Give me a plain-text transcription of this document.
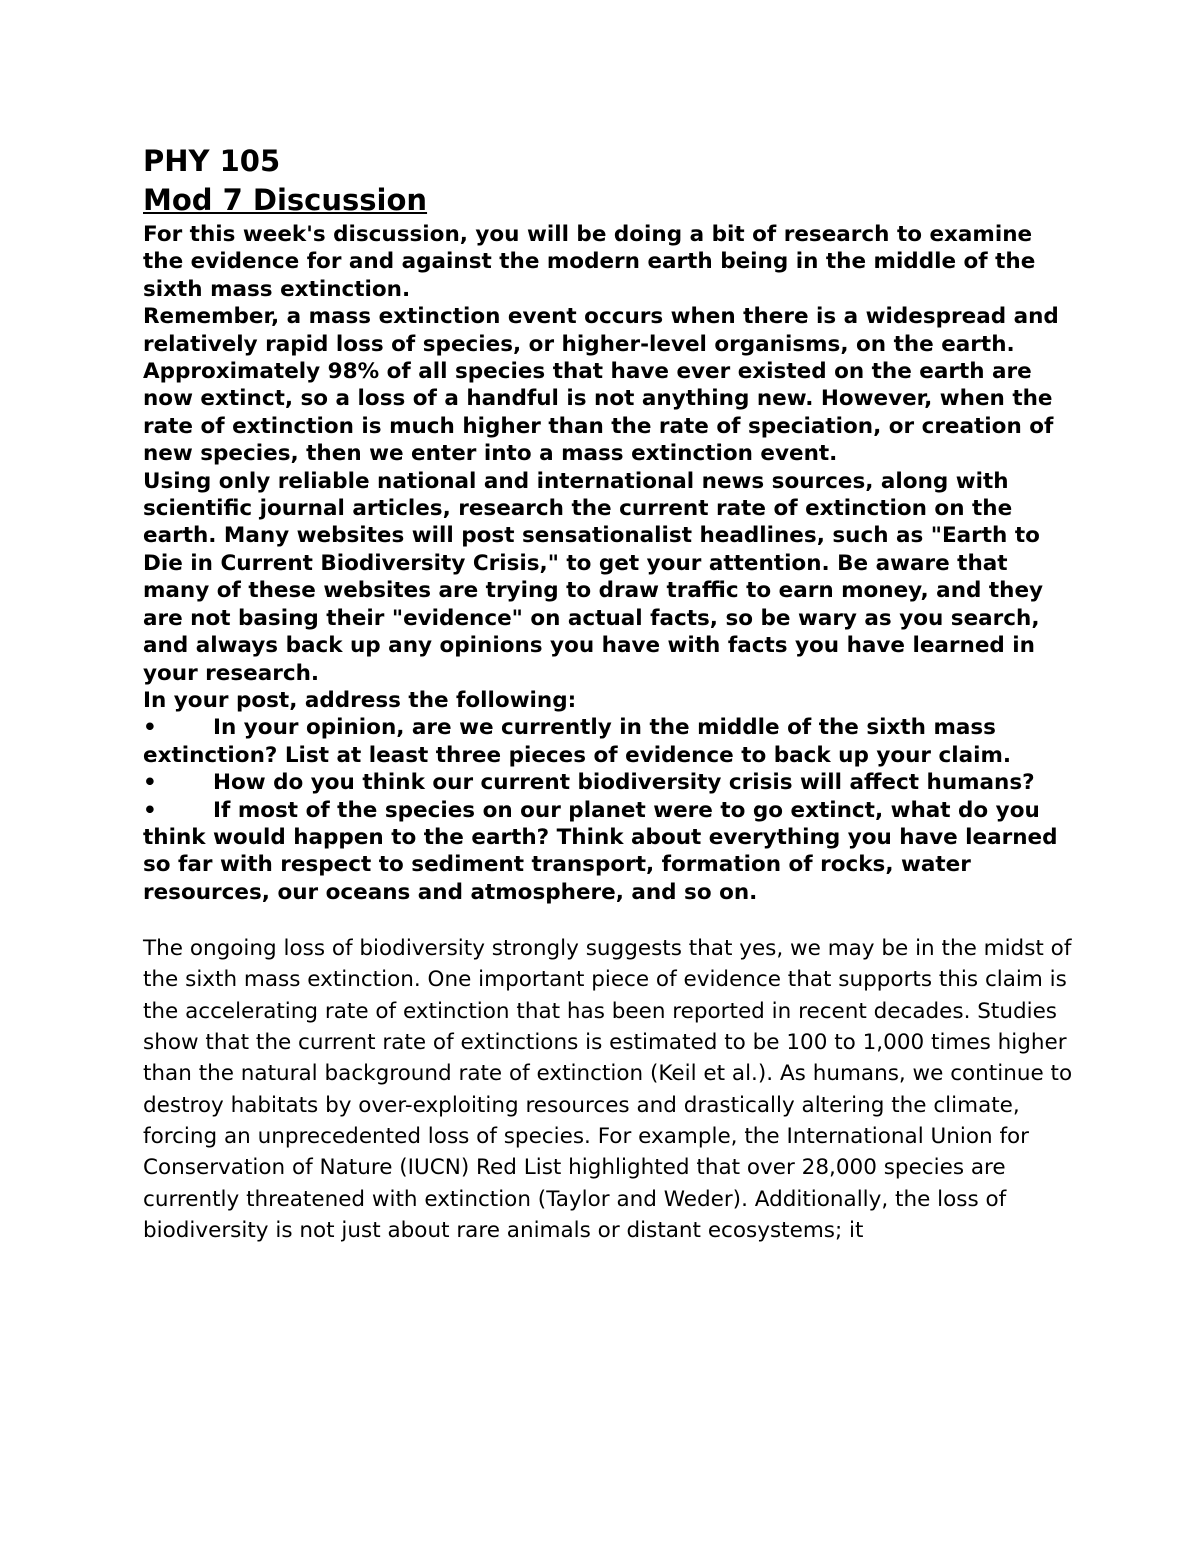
PHY 105
Mod 7 Discussion

For this week's discussion, you will be doing a bit of research to examine the evidence for and against the modern earth being in the middle of the sixth mass extinction.

Remember, a mass extinction event occurs when there is a widespread and relatively rapid loss of species, or higher-level organisms, on the earth. Approximately 98% of all species that have ever existed on the earth are now extinct, so a loss of a handful is not anything new. However, when the rate of extinction is much higher than the rate of speciation, or creation of new species, then we enter into a mass extinction event.

Using only reliable national and international news sources, along with scientific journal articles, research the current rate of extinction on the earth. Many websites will post sensationalist headlines, such as "Earth to Die in Current Biodiversity Crisis," to get your attention. Be aware that many of these websites are trying to draw traffic to earn money, and they are not basing their "evidence" on actual facts, so be wary as you search, and always back up any opinions you have with facts you have learned in your research.

In your post, address the following:

•	In your opinion, are we currently in the middle of the sixth mass extinction? List at least three pieces of evidence to back up your claim.

•	How do you think our current biodiversity crisis will affect humans?

•	If most of the species on our planet were to go extinct, what do you think would happen to the earth? Think about everything you have learned so far with respect to sediment transport, formation of rocks, water resources, our oceans and atmosphere, and so on.

The ongoing loss of biodiversity strongly suggests that yes, we may be in the midst of the sixth mass extinction. One important piece of evidence that supports this claim is the accelerating rate of extinction that has been reported in recent decades. Studies show that the current rate of extinctions is estimated to be 100 to 1,000 times higher than the natural background rate of extinction (Keil et al.). As humans, we continue to destroy habitats by over-exploiting resources and drastically altering the climate, forcing an unprecedented loss of species. For example, the International Union for Conservation of Nature (IUCN) Red List highlighted that over 28,000 species are currently threatened with extinction (Taylor and Weder). Additionally, the loss of biodiversity is not just about rare animals or distant ecosystems; it
